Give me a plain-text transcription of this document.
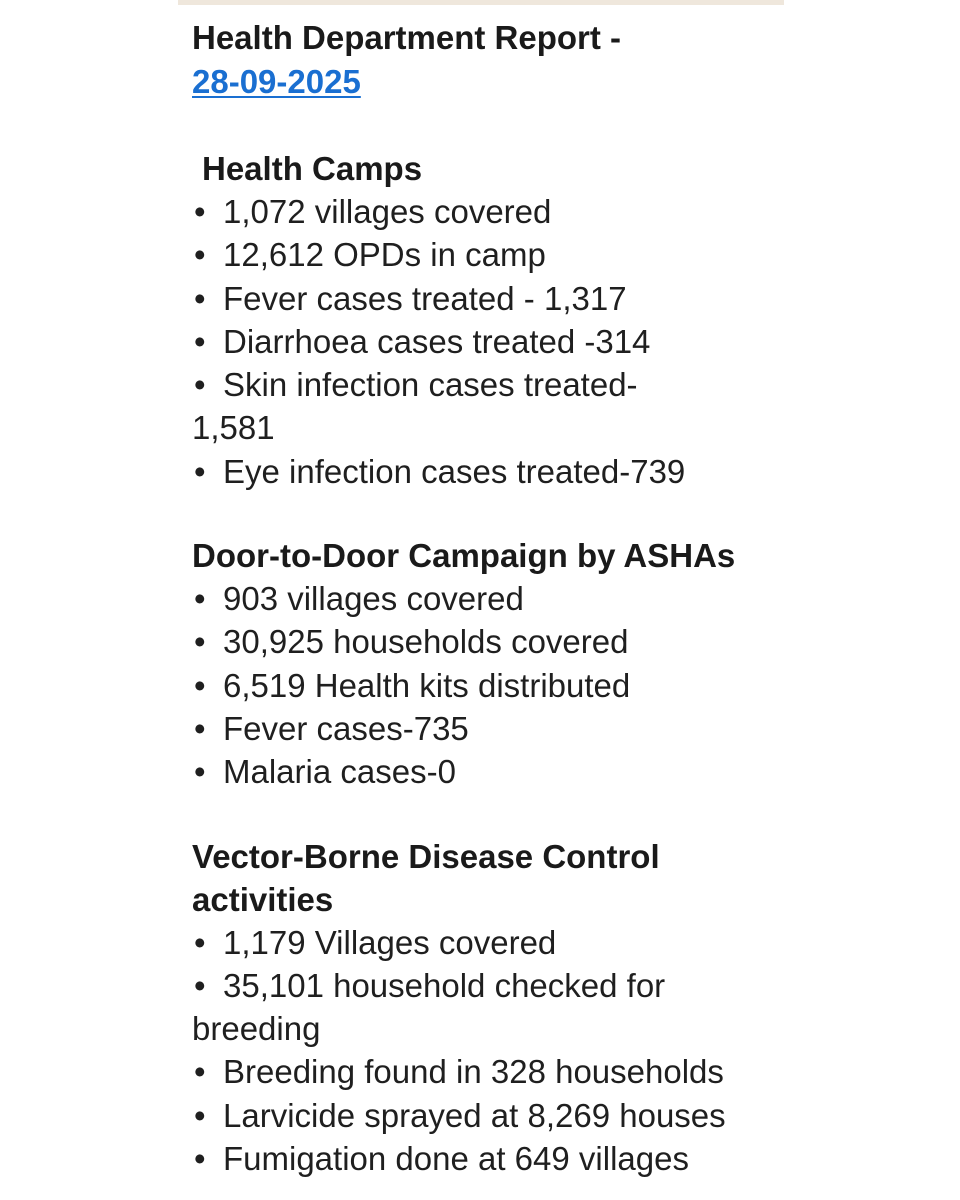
Health Department Report -
28-09-2025
Health Camps
• 1,072 villages covered
• 12,612 OPDs in camp
• Fever cases treated - 1,317
• Diarrhoea cases treated -314
• Skin infection cases treated-
1,581
• Eye infection cases treated-739
Door-to-Door Campaign by ASHAs
• 903 villages covered
• 30,925 households covered
• 6,519 Health kits distributed
• Fever cases-735
• Malaria cases-0
Vector-Borne Disease Control
activities
• 1,179 Villages covered
• 35,101 household checked for
breeding
• Breeding found in 328 households
• Larvicide sprayed at 8,269 houses
• Fumigation done at 649 villages
